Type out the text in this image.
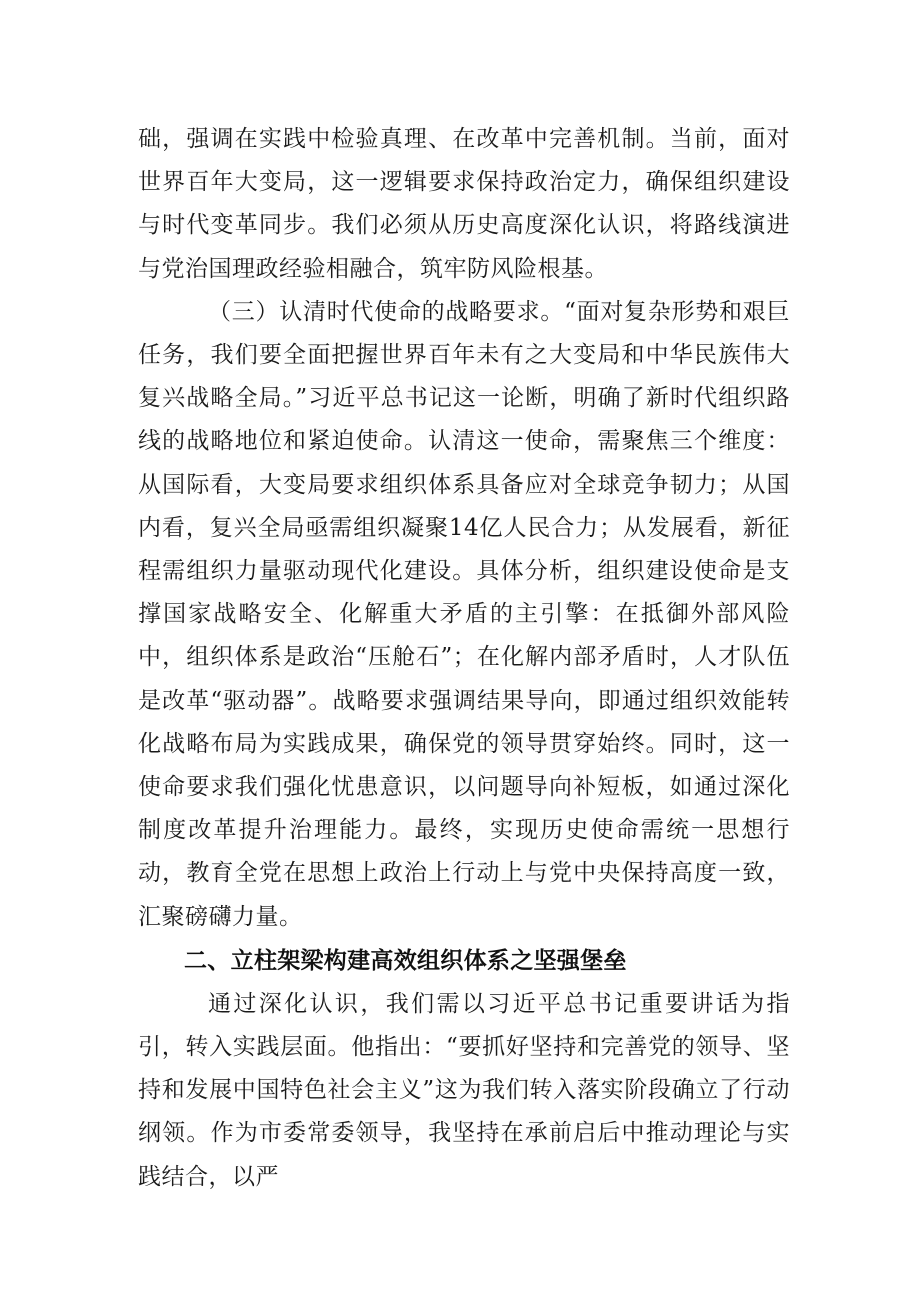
础，强调在实践中检验真理、在改革中完善机制。当前，面对世界百年大变局，这一逻辑要求保持政治定力，确保组织建设与时代变革同步。我们必须从历史高度深化认识，将路线演进与党治国理政经验相融合，筑牢防风险根基。

（三）认清时代使命的战略要求。“面对复杂形势和艰巨任务，我们要全面把握世界百年未有之大变局和中华民族伟大复兴战略全局。”习近平总书记这一论断，明确了新时代组织路线的战略地位和紧迫使命。认清这一使命，需聚焦三个维度：从国际看，大变局要求组织体系具备应对全球竞争韧力；从国内看，复兴全局亟需组织凝聚14亿人民合力；从发展看，新征程需组织力量驱动现代化建设。具体分析，组织建设使命是支撑国家战略安全、化解重大矛盾的主引擎：在抵御外部风险中，组织体系是政治“压舱石”；在化解内部矛盾时，人才队伍是改革“驱动器”。战略要求强调结果导向，即通过组织效能转化战略布局为实践成果，确保党的领导贯穿始终。同时，这一使命要求我们强化忧患意识，以问题导向补短板，如通过深化制度改革提升治理能力。最终，实现历史使命需统一思想行动，教育全党在思想上政治上行动上与党中央保持高度一致，汇聚磅礴力量。

二、立柱架梁构建高效组织体系之坚强堡垒

通过深化认识，我们需以习近平总书记重要讲话为指引，转入实践层面。他指出：“要抓好坚持和完善党的领导、坚持和发展中国特色社会主义”这为我们转入落实阶段确立了行动纲领。作为市委常委领导，我坚持在承前启后中推动理论与实践结合，以严
